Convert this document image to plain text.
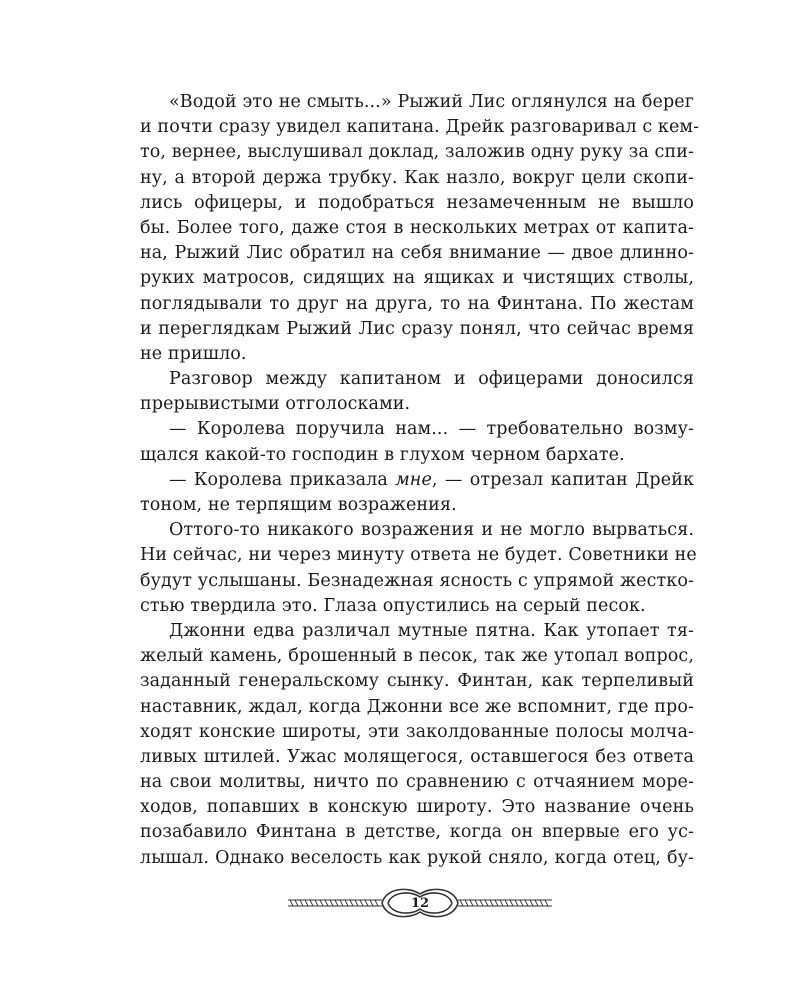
«Водой это не смыть...» Рыжий Лис оглянулся на берег
и почти сразу увидел капитана. Дрейк разговаривал с кем-
то, вернее, выслушивал доклад, заложив одну руку за спи-
ну, а второй держа трубку. Как назло, вокруг цели скопи-
лись офицеры, и подобраться незамеченным не вышло
бы. Более того, даже стоя в нескольких метрах от капита-
на, Рыжий Лис обратил на себя внимание — двое длинно-
руких матросов, сидящих на ящиках и чистящих стволы,
поглядывали то друг на друга, то на Финтана. По жестам
и переглядкам Рыжий Лис сразу понял, что сейчас время
не пришло.
Разговор между капитаном и офицерами доносился
прерывистыми отголосками.
— Королева поручила нам... — требовательно возму-
щался какой-то господин в глухом черном бархате.
— Королева приказала мне, — отрезал капитан Дрейк
тоном, не терпящим возражения.
Оттого-то никакого возражения и не могло вырваться.
Ни сейчас, ни через минуту ответа не будет. Советники не
будут услышаны. Безнадежная ясность с упрямой жестко-
стью твердила это. Глаза опустились на серый песок.
Джонни едва различал мутные пятна. Как утопает тя-
желый камень, брошенный в песок, так же утопал вопрос,
заданный генеральскому сынку. Финтан, как терпеливый
наставник, ждал, когда Джонни все же вспомнит, где про-
ходят конские широты, эти заколдованные полосы молча-
ливых штилей. Ужас молящегося, оставшегося без ответа
на свои молитвы, ничто по сравнению с отчаянием море-
ходов, попавших в конскую широту. Это название очень
позабавило Финтана в детстве, когда он впервые его ус-
лышал. Однако веселость как рукой сняло, когда отец, бу-
12
